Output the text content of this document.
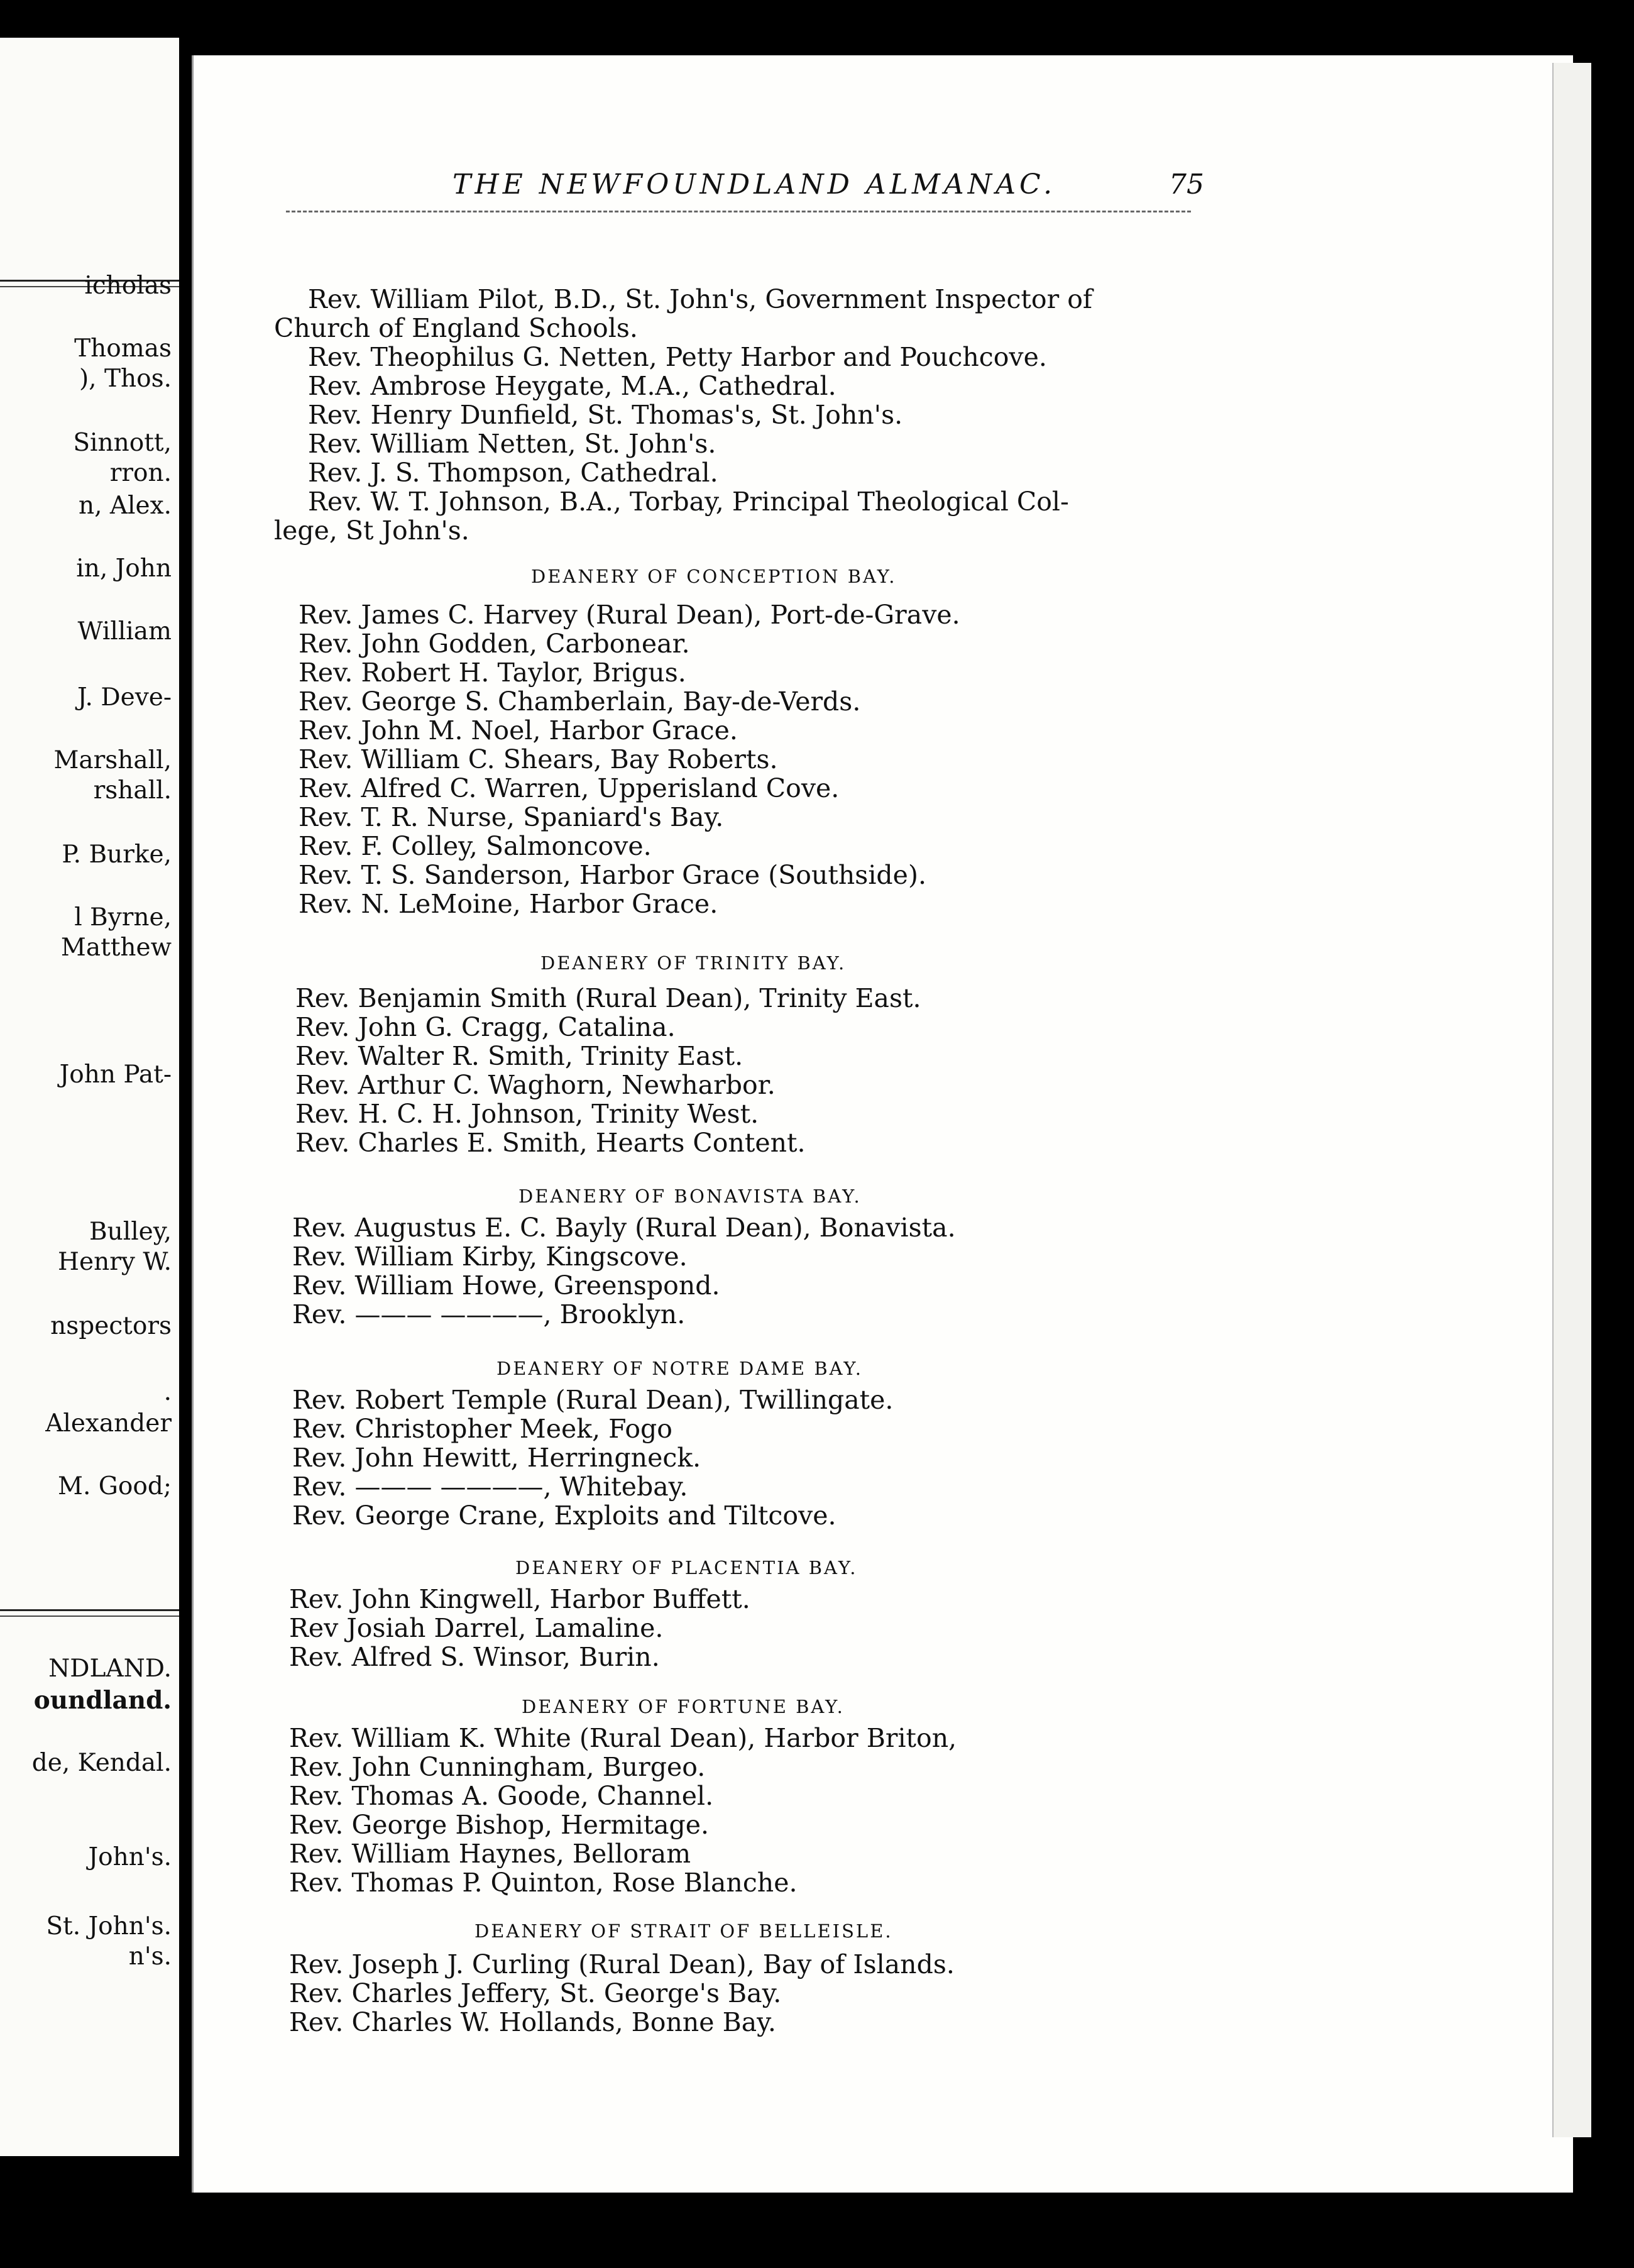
icholas
Thomas
), Thos.
Sinnott,
rron.
n, Alex.
in, John
William
J. Deve-
Marshall,
rshall.
P. Burke,
l Byrne,
Matthew
John Pat-
Bulley,
Henry W.
nspectors
.
Alexander
M. Good;
NDLAND.
oundland.
de, Kendal.
John's.
St. John's.
n's.
THE NEWFOUNDLAND ALMANAC.	75
Rev. William Pilot, B.D., St. John's, Government Inspector of
Church of England Schools.
Rev. Theophilus G. Netten, Petty Harbor and Pouchcove.
Rev. Ambrose Heygate, M.A., Cathedral.
Rev. Henry Dunfield, St. Thomas's, St. John's.
Rev. William Netten, St. John's.
Rev. J. S. Thompson, Cathedral.
Rev. W. T. Johnson, B.A., Torbay, Principal Theological Col-
lege, St John's.
DEANERY OF CONCEPTION BAY.
Rev. James C. Harvey (Rural Dean), Port-de-Grave.
Rev. John Godden, Carbonear.
Rev. Robert H. Taylor, Brigus.
Rev. George S. Chamberlain, Bay-de-Verds.
Rev. John M. Noel, Harbor Grace.
Rev. William C. Shears, Bay Roberts.
Rev. Alfred C. Warren, Upperisland Cove.
Rev. T. R. Nurse, Spaniard's Bay.
Rev. F. Colley, Salmoncove.
Rev. T. S. Sanderson, Harbor Grace (Southside).
Rev. N. LeMoine, Harbor Grace.
DEANERY OF TRINITY BAY.
Rev. Benjamin Smith (Rural Dean), Trinity East.
Rev. John G. Cragg, Catalina.
Rev. Walter R. Smith, Trinity East.
Rev. Arthur C. Waghorn, Newharbor.
Rev. H. C. H. Johnson, Trinity West.
Rev. Charles E. Smith, Hearts Content.
DEANERY OF BONAVISTA BAY.
Rev. Augustus E. C. Bayly (Rural Dean), Bonavista.
Rev. William Kirby, Kingscove.
Rev. William Howe, Greenspond.
Rev. ——— ————, Brooklyn.
DEANERY OF NOTRE DAME BAY.
Rev. Robert Temple (Rural Dean), Twillingate.
Rev. Christopher Meek, Fogo
Rev. John Hewitt, Herringneck.
Rev. ——— ————, Whitebay.
Rev. George Crane, Exploits and Tiltcove.
DEANERY OF PLACENTIA BAY.
Rev. John Kingwell, Harbor Buffett.
Rev Josiah Darrel, Lamaline.
Rev. Alfred S. Winsor, Burin.
DEANERY OF FORTUNE BAY.
Rev. William K. White (Rural Dean), Harbor Briton,
Rev. John Cunningham, Burgeo.
Rev. Thomas A. Goode, Channel.
Rev. George Bishop, Hermitage.
Rev. William Haynes, Belloram
Rev. Thomas P. Quinton, Rose Blanche.
DEANERY OF STRAIT OF BELLEISLE.
Rev. Joseph J. Curling (Rural Dean), Bay of Islands.
Rev. Charles Jeffery, St. George's Bay.
Rev. Charles W. Hollands, Bonne Bay.
